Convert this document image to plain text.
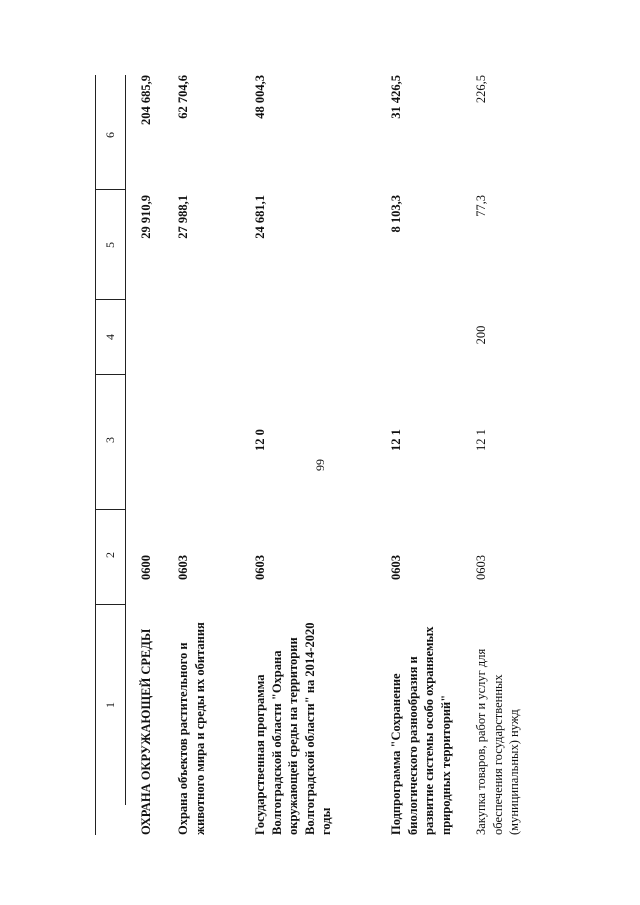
99
1
2
3
4
5
6
ОХРАНА ОКРУЖАЮЩЕЙ СРЕДЫ
0600
29 910,9
204 685,9
Охрана объектов растительного и животного мира и среды их обитания
0603
27 988,1
62 704,6
Государственная программа Волгоградской области "Охрана окружающей среды на территории Волгоградской области" на 2014-2020 годы
0603
12 0
24 681,1
48 004,3
Подпрограмма "Сохранение биологического разнообразия и развитие системы особо охраняемых природных территорий"
0603
12 1
8 103,3
31 426,5
Закупка товаров, работ и услуг для обеспечения государственных (муниципальных) нужд
0603
12 1
200
77,3
226,5
